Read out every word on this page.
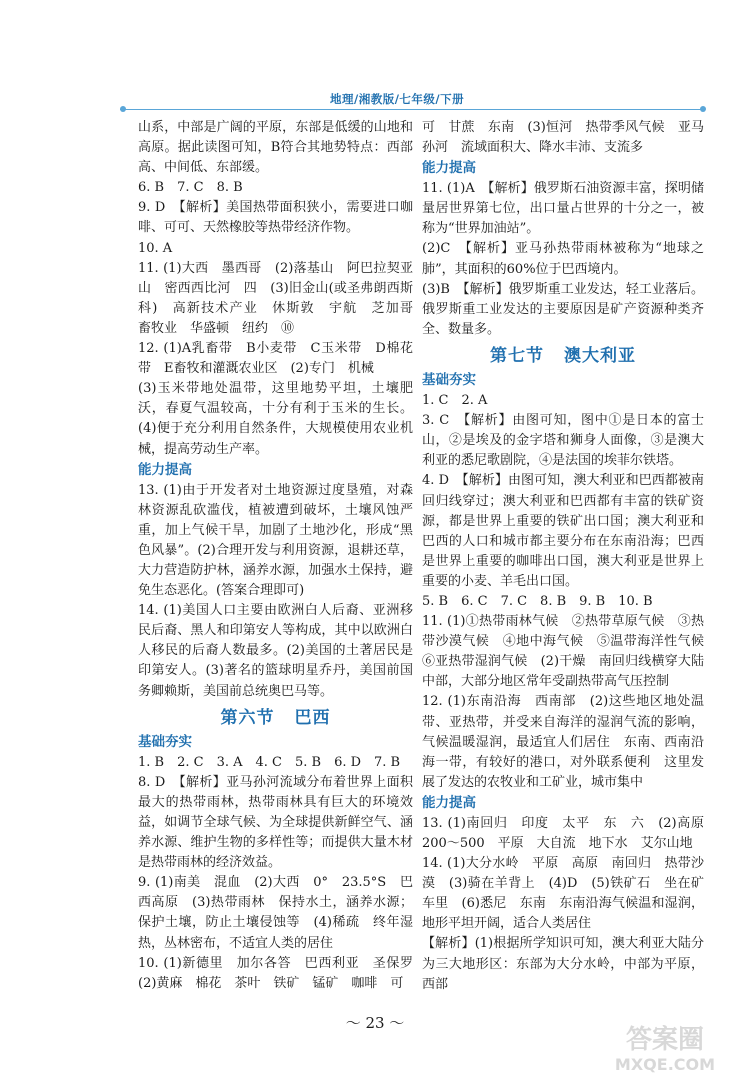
地理/湘教版/七年级/下册

山系，中部是广阔的平原，东部是低缓的山地和高原。据此读图可知，B符合其地势特点：西部高、中间低、东部缓。

6. B　7. C　8. B

9. D　【解析】美国热带面积狭小，需要进口咖啡、可可、天然橡胶等热带经济作物。

10. A

11. (1)大西　墨西哥　(2)落基山　阿巴拉契亚山　密西西比河　四　(3)旧金山(或圣弗朗西斯科)　高新技术产业　休斯敦　宇航　芝加哥　畜牧业　华盛顿　纽约　⑩

12. (1)A乳畜带　B小麦带　C玉米带　D棉花带　E畜牧和灌溉农业区　(2)专门　机械

(3)玉米带地处温带，这里地势平坦，土壤肥沃，春夏气温较高，十分有利于玉米的生长。(4)便于充分利用自然条件，大规模使用农业机械，提高劳动生产率。

能力提高

13. (1)由于开发者对土地资源过度垦殖，对森林资源乱砍滥伐，植被遭到破坏，土壤风蚀严重，加上气候干旱，加剧了土地沙化，形成“黑色风暴”。(2)合理开发与利用资源，退耕还草，大力营造防护林，涵养水源，加强水土保持，避免生态恶化。(答案合理即可)

14. (1)美国人口主要由欧洲白人后裔、亚洲移民后裔、黑人和印第安人等构成，其中以欧洲白人移民的后裔人数最多。(2)美国的土著居民是印第安人。(3)著名的篮球明星乔丹，美国前国务卿赖斯，美国前总统奥巴马等。

第六节 巴西
基础夯实

1. B　2. C　3. A　4. C　5. B　6. D　7. B

8. D　【解析】亚马孙河流域分布着世界上面积最大的热带雨林，热带雨林具有巨大的环境效益，如调节全球气候、为全球提供新鲜空气、涵养水源、维护生物的多样性等；而提供大量木材是热带雨林的经济效益。

9. (1)南美　混血　(2)大西　0°　23.5°S　巴西高原　(3)热带雨林　保持水土，涵养水源；保护土壤，防止土壤侵蚀等　(4)稀疏　终年湿热，丛林密布，不适宜人类的居住

10. (1)新德里　加尔各答　巴西利亚　圣保罗　(2)黄麻　棉花　茶叶　铁矿　锰矿　咖啡　可

可　甘蔗　东南　(3)恒河　热带季风气候　亚马孙河　流域面积大、降水丰沛、支流多

能力提高

11. (1)A　【解析】俄罗斯石油资源丰富，探明储量居世界第七位，出口量占世界的十分之一，被称为“世界加油站”。

(2)C　【解析】亚马孙热带雨林被称为“地球之肺”，其面积的60%位于巴西境内。

(3)B　【解析】俄罗斯重工业发达，轻工业落后。俄罗斯重工业发达的主要原因是矿产资源种类齐全、数量多。

第七节 澳大利亚
基础夯实

1. C　2. A

3. C　【解析】由图可知，图中①是日本的富士山，②是埃及的金字塔和狮身人面像，③是澳大利亚的悉尼歌剧院，④是法国的埃菲尔铁塔。

4. D　【解析】由图可知，澳大利亚和巴西都被南回归线穿过；澳大利亚和巴西都有丰富的铁矿资源，都是世界上重要的铁矿出口国；澳大利亚和巴西的人口和城市都主要分布在东南沿海；巴西是世界上重要的咖啡出口国，澳大利亚是世界上重要的小麦、羊毛出口国。

5. B　6. C　7. C　8. B　9. B　10. B

11. (1)①热带雨林气候　②热带草原气候　③热带沙漠气候　④地中海气候　⑤温带海洋性气候　⑥亚热带湿润气候　(2)干燥　南回归线横穿大陆中部，大部分地区常年受副热带高气压控制

12. (1)东南沿海　西南部　(2)这些地区地处温带、亚热带，并受来自海洋的湿润气流的影响，气候温暖湿润，最适宜人们居住　东南、西南沿海一带，有较好的港口，对外联系便利　这里发展了发达的农牧业和工矿业，城市集中

能力提高

13. (1)南回归　印度　太平　东　六　(2)高原　200～500　平原　大自流　地下水　艾尔山地

14. (1)大分水岭　平原　高原　南回归　热带沙漠　(3)骑在羊背上　(4)D　(5)铁矿石　坐在矿车里　(6)悉尼　东南　东南沿海气候温和湿润，地形平坦开阔，适合人类居住

【解析】(1)根据所学知识可知，澳大利亚大陆分为三大地形区：东部为大分水岭，中部为平原，西部

～ 23 ～
答案圈
MXQE.COM
